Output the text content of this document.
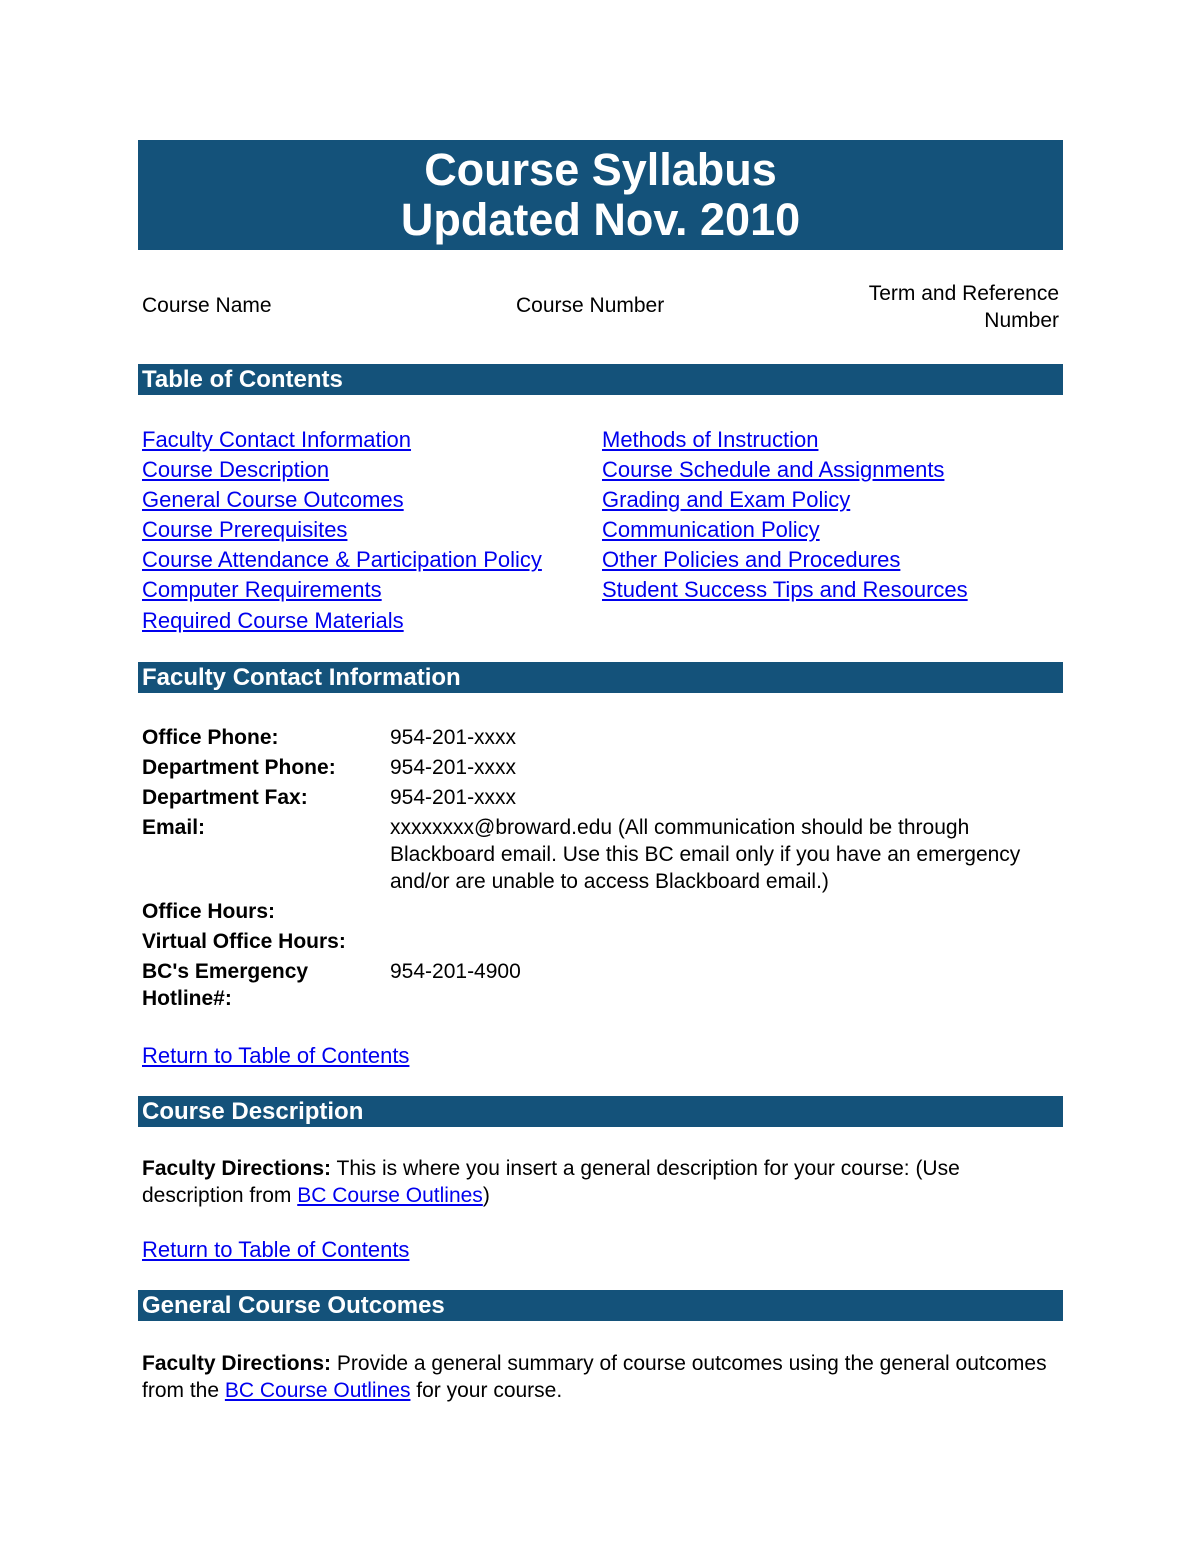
Course Syllabus
Updated Nov. 2010
Course Name	Course Number
Term and Reference
Number
Table of Contents
Faculty Contact Information
Course Description
General Course Outcomes
Course Prerequisites
Course Attendance & Participation Policy
Computer Requirements
Required Course Materials
Methods of Instruction
Course Schedule and Assignments
Grading and Exam Policy
Communication Policy
Other Policies and Procedures
Student Success Tips and Resources
Faculty Contact Information
Office Phone:	954-201-xxxx
Department Phone:	954-201-xxxx
Department Fax:	954-201-xxxx
Email:	xxxxxxxx@broward.edu (All communication should be through Blackboard email. Use this BC email only if you have an emergency and/or are unable to access Blackboard email.)
Office Hours:
Virtual Office Hours:
BC's Emergency Hotline#:954-201-4900
Return to Table of Contents
Course Description
Faculty Directions: This is where you insert a general description for your course: (Use description from BC Course Outlines)
Return to Table of Contents
General Course Outcomes
Faculty Directions: Provide a general summary of course outcomes using the general outcomes from the BC Course Outlines for your course.
